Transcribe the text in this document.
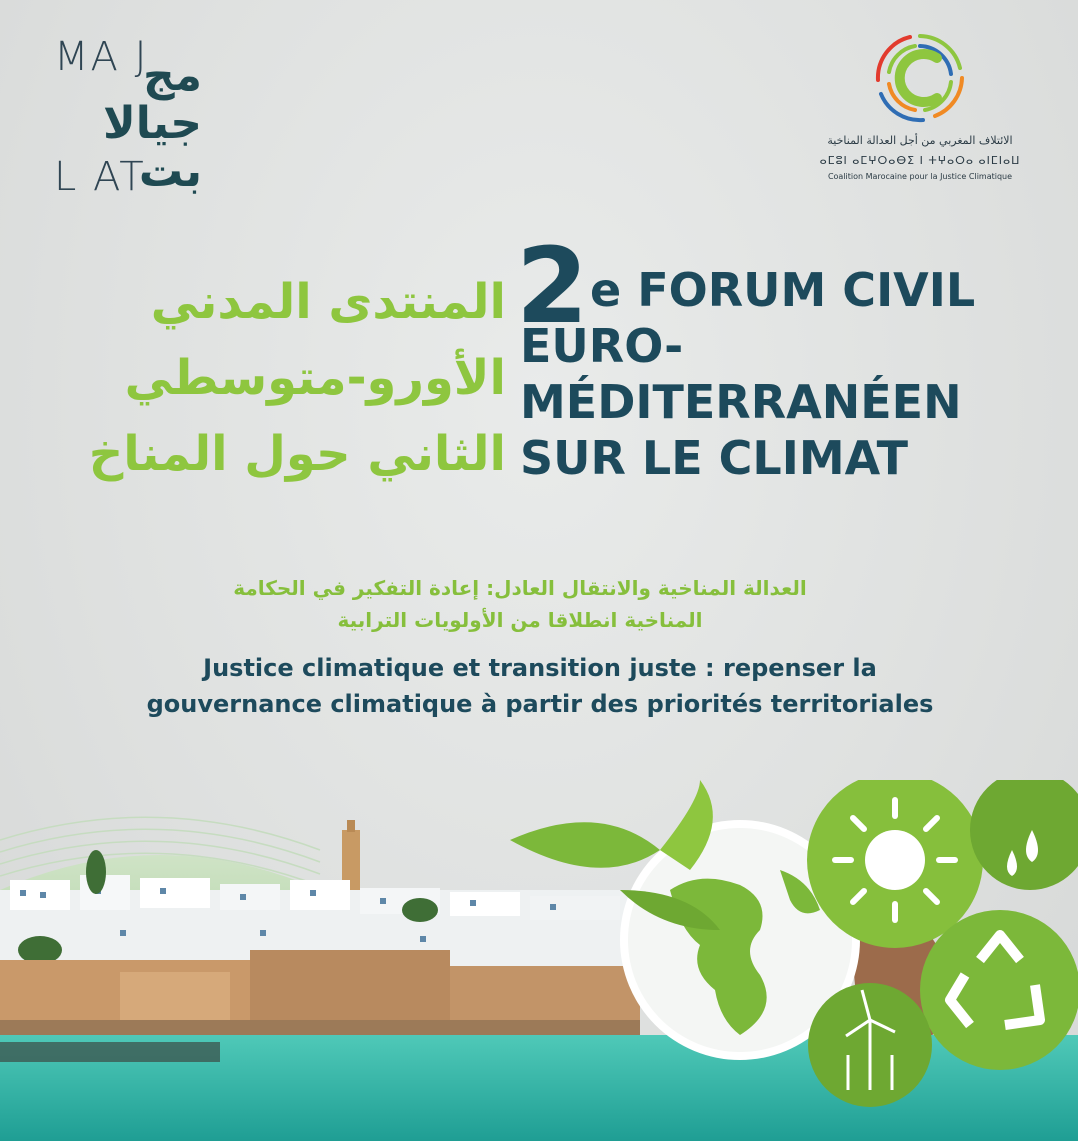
MA J
مج
جيالا
بت
L AT
الائتلاف المغربي من أجل العدالة المناخية
ⴰⵎⵓⵏ ⴰⵎⵖⵔⴰⴱⵉ ⵏ ⵜⵖⴰⵔⴰ ⴰⵏⵎⵏⴰⵡ
Coalition Marocaine pour la Justice Climatique
2 e FORUM CIVIL
EURO-
MÉDITERRANÉEN
SUR LE CLIMAT
المنتدى المدني
الأورو-متوسطي
الثاني حول المناخ
العدالة المناخية والانتقال العادل: إعادة التفكير في الحكامة
المناخية انطلاقا من الأولويات الترابية
Justice climatique et transition juste : repenser la
gouvernance climatique à partir des priorités territoriales
